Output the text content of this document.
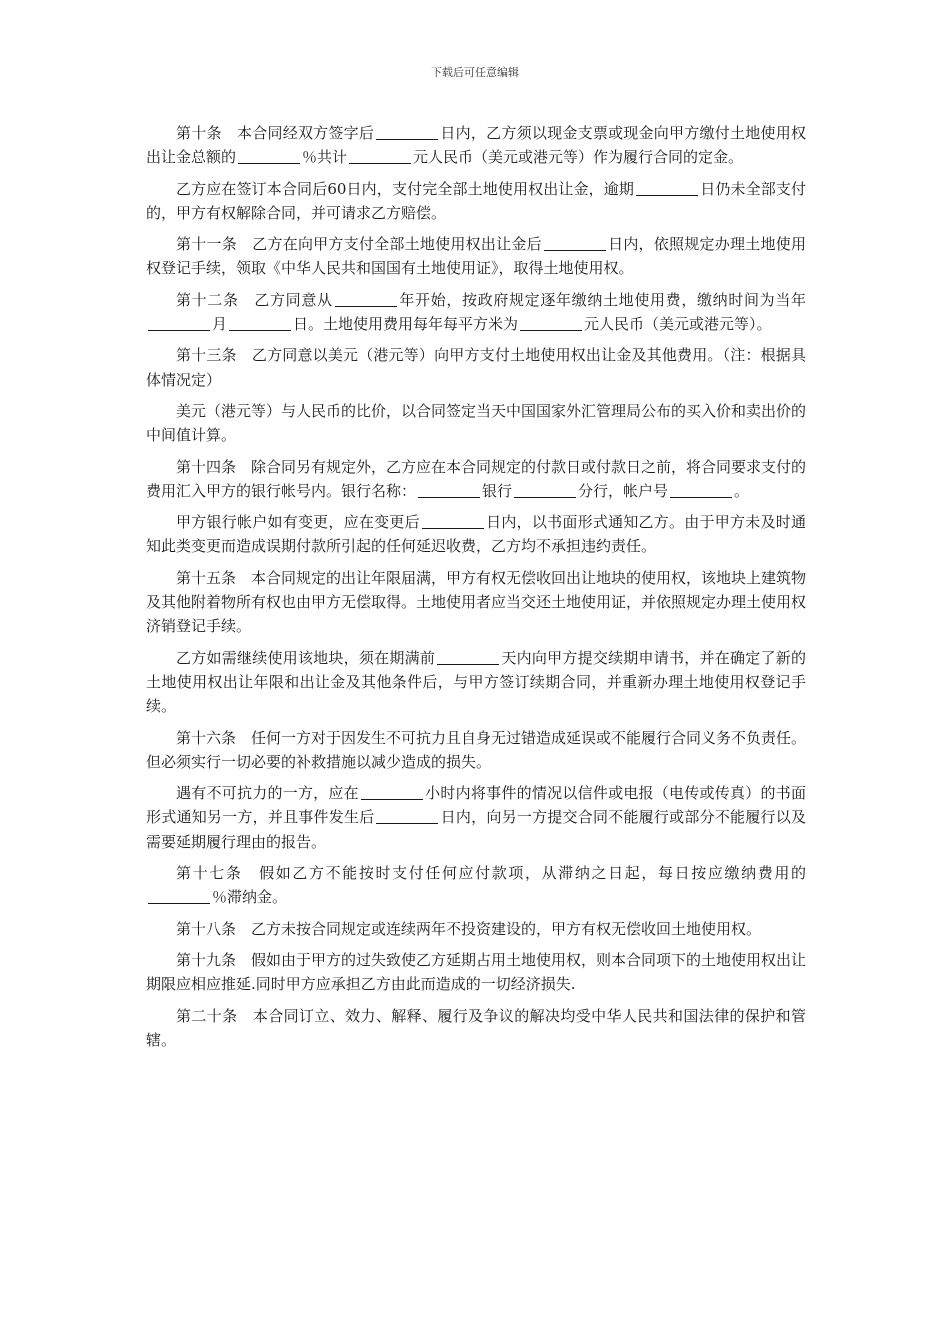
下载后可任意编辑

第十条　本合同经双方签字后	日内，乙方须以现金支票或现金向甲方缴付土地使用权出让金总额的	％共计	元人民币（美元或港元等）作为履行合同的定金。

乙方应在签订本合同后60日内，支付完全部土地使用权出让金，逾期	日仍未全部支付的，甲方有权解除合同，并可请求乙方赔偿。

第十一条　乙方在向甲方支付全部土地使用权出让金后	日内，依照规定办理土地使用权登记手续，领取《中华人民共和国国有土地使用证》，取得土地使用权。

第十二条　乙方同意从	年开始，按政府规定逐年缴纳土地使用费，缴纳时间为当年月	日。土地使用费用每年每平方米为	元人民币（美元或港元等）。

第十三条　乙方同意以美元（港元等）向甲方支付土地使用权出让金及其他费用。（注：根据具体情况定）

美元（港元等）与人民币的比价，以合同签定当天中国国家外汇管理局公布的买入价和卖出价的中间值计算。

第十四条　除合同另有规定外，乙方应在本合同规定的付款日或付款日之前，将合同要求支付的费用汇入甲方的银行帐号内。银行名称：	银行	分行，帐户号	。

甲方银行帐户如有变更，应在变更后	日内，以书面形式通知乙方。由于甲方未及时通知此类变更而造成误期付款所引起的任何延迟收费，乙方均不承担违约责任。

第十五条　本合同规定的出让年限届满，甲方有权无偿收回出让地块的使用权，该地块上建筑物及其他附着物所有权也由甲方无偿取得。土地使用者应当交还土地使用证，并依照规定办理土使用权济销登记手续。

乙方如需继续使用该地块，须在期满前	天内向甲方提交续期申请书，并在确定了新的土地使用权出让年限和出让金及其他条件后，与甲方签订续期合同，并重新办理土地使用权登记手续。

第十六条　任何一方对于因发生不可抗力且自身无过错造成延误或不能履行合同义务不负责任。但必须实行一切必要的补救措施以减少造成的损失。

遇有不可抗力的一方，应在	小时内将事件的情况以信件或电报（电传或传真）的书面形式通知另一方，并且事件发生后	日内，向另一方提交合同不能履行或部分不能履行以及需要延期履行理由的报告。

第十七条　假如乙方不能按时支付任何应付款项，从滞纳之日起，每日按应缴纳费用的％滞纳金。

第十八条　乙方未按合同规定或连续两年不投资建设的，甲方有权无偿收回土地使用权。

第十九条　假如由于甲方的过失致使乙方延期占用土地使用权，则本合同项下的土地使用权出让期限应相应推延.同时甲方应承担乙方由此而造成的一切经济损失.

第二十条　本合同订立、效力、解释、履行及争议的解决均受中华人民共和国法律的保护和管辖。
